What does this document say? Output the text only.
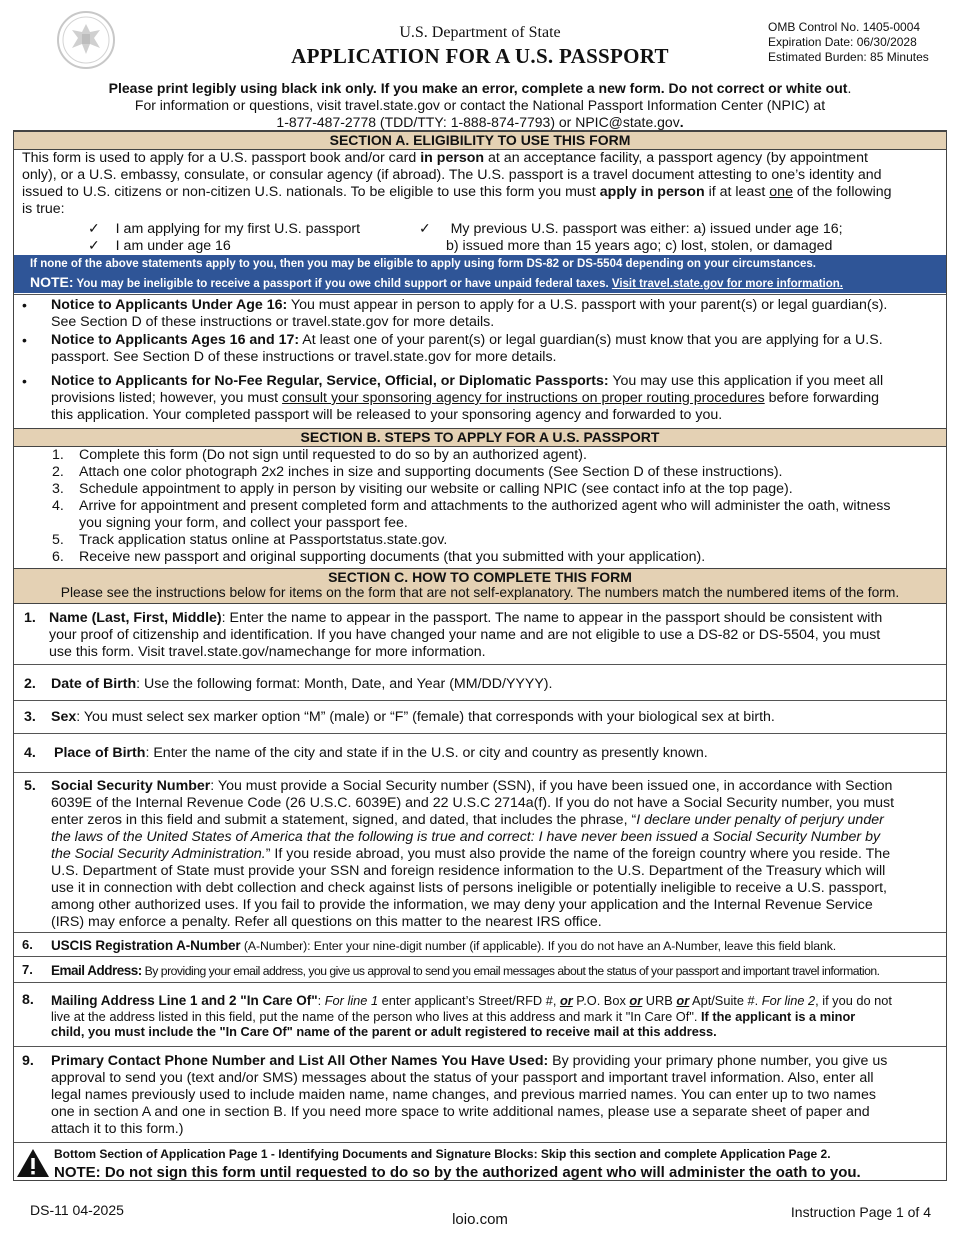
U.S. Department of State
APPLICATION FOR A U.S. PASSPORT
OMB Control No. 1405-0004
Expiration Date: 06/30/2028
Estimated Burden: 85 Minutes
Please print legibly using black ink only. If you make an error, complete a new form. Do not correct or white out.
For information or questions, visit travel.state.gov or contact the National Passport Information Center (NPIC) at
1-877-487-2778 (TDD/TTY: 1-888-874-7793) or NPIC@state.gov.
SECTION A. ELIGIBILITY TO USE THIS FORM
This form is used to apply for a U.S. passport book and/or card in person at an acceptance facility, a passport agency (by appointment
only), or a U.S. embassy, consulate, or consular agency (if abroad). The U.S. passport is a travel document attesting to one’s identity and
issued to U.S. citizens or non-citizen U.S. nationals. To be eligible to use this form you must apply in person if at least one of the following
is true:
✓ I am applying for my first U.S. passport
✓ I am under age 16
✓ My previous U.S. passport was either: a) issued under age 16;
b) issued more than 15 years ago; c) lost, stolen, or damaged
If none of the above statements apply to you, then you may be eligible to apply using form DS-82 or DS-5504 depending on your circumstances.
NOTE: You may be ineligible to receive a passport if you owe child support or have unpaid federal taxes. Visit travel.state.gov for more information.
• Notice to Applicants Under Age 16: You must appear in person to apply for a U.S. passport with your parent(s) or legal guardian(s).
See Section D of these instructions or travel.state.gov for more details.
• Notice to Applicants Ages 16 and 17: At least one of your parent(s) or legal guardian(s) must know that you are applying for a U.S.
passport. See Section D of these instructions or travel.state.gov for more details.
• Notice to Applicants for No-Fee Regular, Service, Official, or Diplomatic Passports: You may use this application if you meet all
provisions listed; however, you must consult your sponsoring agency for instructions on proper routing procedures before forwarding
this application. Your completed passport will be released to your sponsoring agency and forwarded to you.
SECTION B. STEPS TO APPLY FOR A U.S. PASSPORT
1. Complete this form (Do not sign until requested to do so by an authorized agent).
2. Attach one color photograph 2x2 inches in size and supporting documents (See Section D of these instructions).
3. Schedule appointment to apply in person by visiting our website or calling NPIC (see contact info at the top page).
4. Arrive for appointment and present completed form and attachments to the authorized agent who will administer the oath, witness
you signing your form, and collect your passport fee.
5. Track application status online at Passportstatus.state.gov.
6. Receive new passport and original supporting documents (that you submitted with your application).
SECTION C. HOW TO COMPLETE THIS FORM
Please see the instructions below for items on the form that are not self-explanatory. The numbers match the numbered items of the form.
1. Name (Last, First, Middle): Enter the name to appear in the passport. The name to appear in the passport should be consistent with
your proof of citizenship and identification. If you have changed your name and are not eligible to use a DS-82 or DS-5504, you must
use this form. Visit travel.state.gov/namechange for more information.
2. Date of Birth: Use the following format: Month, Date, and Year (MM/DD/YYYY).
3. Sex: You must select sex marker option “M” (male) or “F” (female) that corresponds with your biological sex at birth.
4. Place of Birth: Enter the name of the city and state if in the U.S. or city and country as presently known.
5. Social Security Number: You must provide a Social Security number (SSN), if you have been issued one, in accordance with Section
6039E of the Internal Revenue Code (26 U.S.C. 6039E) and 22 U.S.C 2714a(f). If you do not have a Social Security number, you must
enter zeros in this field and submit a statement, signed, and dated, that includes the phrase, “I declare under penalty of perjury under
the laws of the United States of America that the following is true and correct: I have never been issued a Social Security Number by
the Social Security Administration.” If you reside abroad, you must also provide the name of the foreign country where you reside. The
U.S. Department of State must provide your SSN and foreign residence information to the U.S. Department of the Treasury which will
use it in connection with debt collection and check against lists of persons ineligible or potentially ineligible to receive a U.S. passport,
among other authorized uses. If you fail to provide the information, we may deny your application and the Internal Revenue Service
(IRS) may enforce a penalty. Refer all questions on this matter to the nearest IRS office.
6. USCIS Registration A-Number (A-Number): Enter your nine-digit number (if applicable). If you do not have an A-Number, leave this field blank.
7. Email Address: By providing your email address, you give us approval to send you email messages about the status of your passport and important travel information.
8. Mailing Address Line 1 and 2 "In Care Of": For line 1 enter applicant’s Street/RFD #, or P.O. Box or URB or Apt/Suite #. For line 2, if you do not
live at the address listed in this field, put the name of the person who lives at this address and mark it "In Care Of". If the applicant is a minor
child, you must include the "In Care Of" name of the parent or adult registered to receive mail at this address.
9. Primary Contact Phone Number and List All Other Names You Have Used: By providing your primary phone number, you give us
approval to send you (text and/or SMS) messages about the status of your passport and important travel information. Also, enter all
legal names previously used to include maiden name, name changes, and previous married names. You can enter up to two names
one in section A and one in section B. If you need more space to write additional names, please use a separate sheet of paper and
attach it to this form.)
Bottom Section of Application Page 1 - Identifying Documents and Signature Blocks: Skip this section and complete Application Page 2.
NOTE: Do not sign this form until requested to do so by the authorized agent who will administer the oath to you.
DS-11 04-2025
loio.com	Instruction Page 1 of 4
